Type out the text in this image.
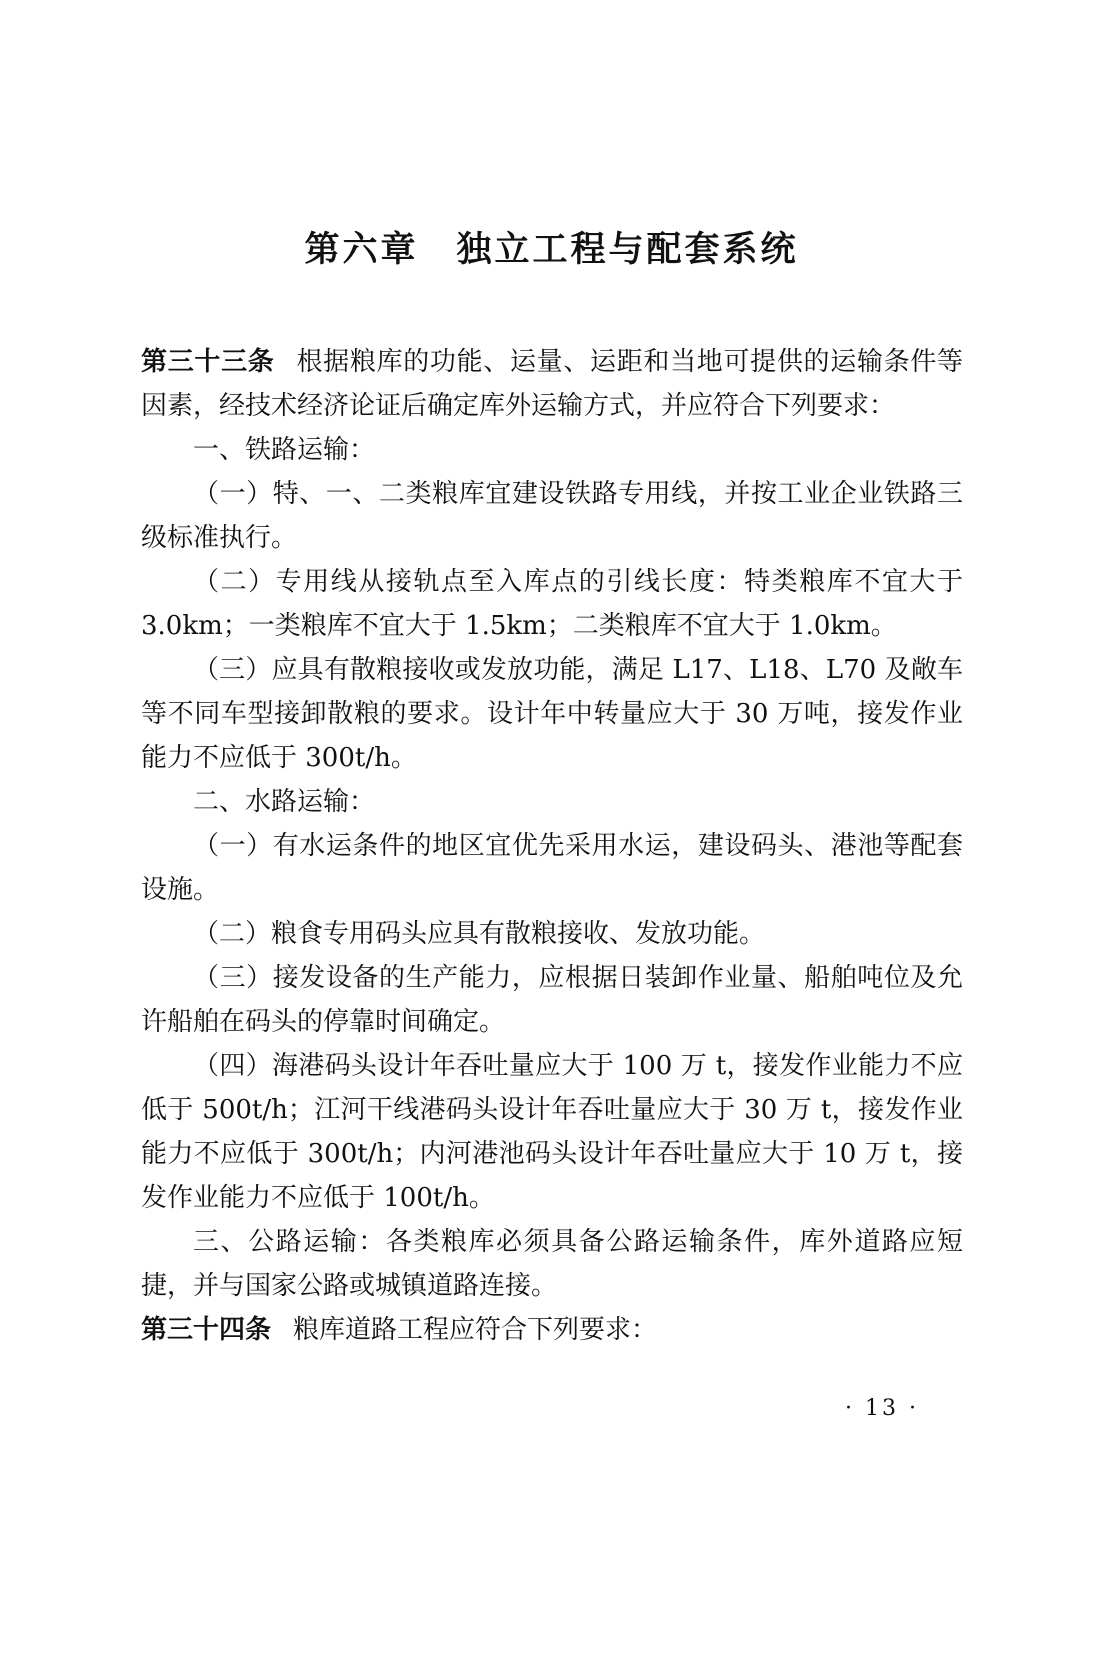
第六章 独立工程与配套系统

第三十三条 根据粮库的功能、运量、运距和当地可提供的运输条件等因素，经技术经济论证后确定库外运输方式，并应符合下列要求：

一、铁路运输：

（一）特、一、二类粮库宜建设铁路专用线，并按工业企业铁路三级标准执行。

（二）专用线从接轨点至入库点的引线长度：特类粮库不宜大于 3.0km；一类粮库不宜大于 1.5km；二类粮库不宜大于 1.0km。

（三）应具有散粮接收或发放功能，满足 L17、L18、L70 及敞车等不同车型接卸散粮的要求。设计年中转量应大于 30 万吨，接发作业能力不应低于 300t/h。

二、水路运输：

（一）有水运条件的地区宜优先采用水运，建设码头、港池等配套设施。

（二）粮食专用码头应具有散粮接收、发放功能。

（三）接发设备的生产能力，应根据日装卸作业量、船舶吨位及允许船舶在码头的停靠时间确定。

（四）海港码头设计年吞吐量应大于 100 万 t，接发作业能力不应低于 500t/h；江河干线港码头设计年吞吐量应大于 30 万 t，接发作业能力不应低于 300t/h；内河港池码头设计年吞吐量应大于 10 万 t，接发作业能力不应低于 100t/h。

三、公路运输：各类粮库必须具备公路运输条件，库外道路应短捷，并与国家公路或城镇道路连接。

第三十四条 粮库道路工程应符合下列要求：

· 13 ·
